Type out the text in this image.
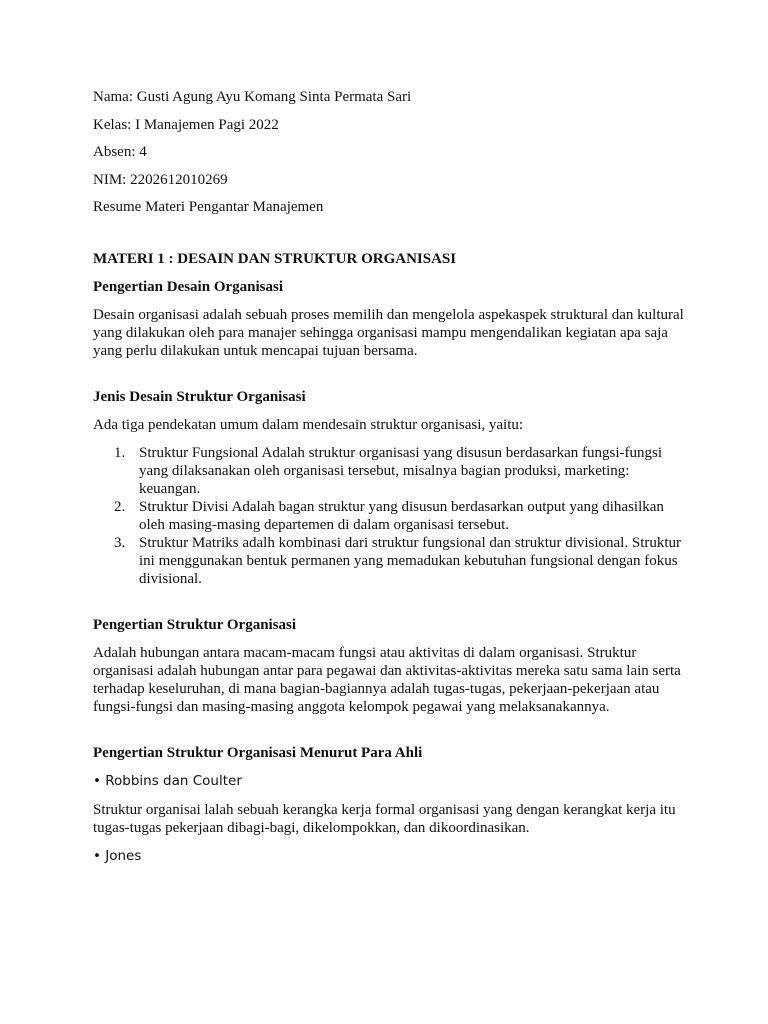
Nama: Gusti Agung Ayu Komang Sinta Permata Sari

Kelas: I Manajemen Pagi 2022

Absen: 4

NIM: 2202612010269

Resume Materi Pengantar Manajemen

MATERI 1 : DESAIN DAN STRUKTUR ORGANISASI

Pengertian Desain Organisasi

Desain organisasi adalah sebuah proses memilih dan mengelola aspekaspek struktural dan kultural yang dilakukan oleh para manajer sehingga organisasi mampu mengendalikan kegiatan apa saja yang perlu dilakukan untuk mencapai tujuan bersama.

Jenis Desain Struktur Organisasi

Ada tiga pendekatan umum dalam mendesain struktur organisasi, yaitu:

1. Struktur Fungsional Adalah struktur organisasi yang disusun berdasarkan fungsi-fungsi yang dilaksanakan oleh organisasi tersebut, misalnya bagian produksi, marketing: keuangan.
2. Struktur Divisi Adalah bagan struktur yang disusun berdasarkan output yang dihasilkan oleh masing-masing departemen di dalam organisasi tersebut.
3. Struktur Matriks adalh kombinasi dari struktur fungsional dan struktur divisional. Struktur ini menggunakan bentuk permanen yang memadukan kebutuhan fungsional dengan fokus divisional.

Pengertian Struktur Organisasi

Adalah hubungan antara macam-macam fungsi atau aktivitas di dalam organisasi. Struktur organisasi adalah hubungan antar para pegawai dan aktivitas-aktivitas mereka satu sama lain serta terhadap keseluruhan, di mana bagian-bagiannya adalah tugas-tugas, pekerjaan-pekerjaan atau fungsi-fungsi dan masing-masing anggota kelompok pegawai yang melaksanakannya.

Pengertian Struktur Organisasi Menurut Para Ahli

• Robbins dan Coulter

Struktur organisai lalah sebuah kerangka kerja formal organisasi yang dengan kerangkat kerja itu tugas-tugas pekerjaan dibagi-bagi, dikelompokkan, dan dikoordinasikan.

• Jones
